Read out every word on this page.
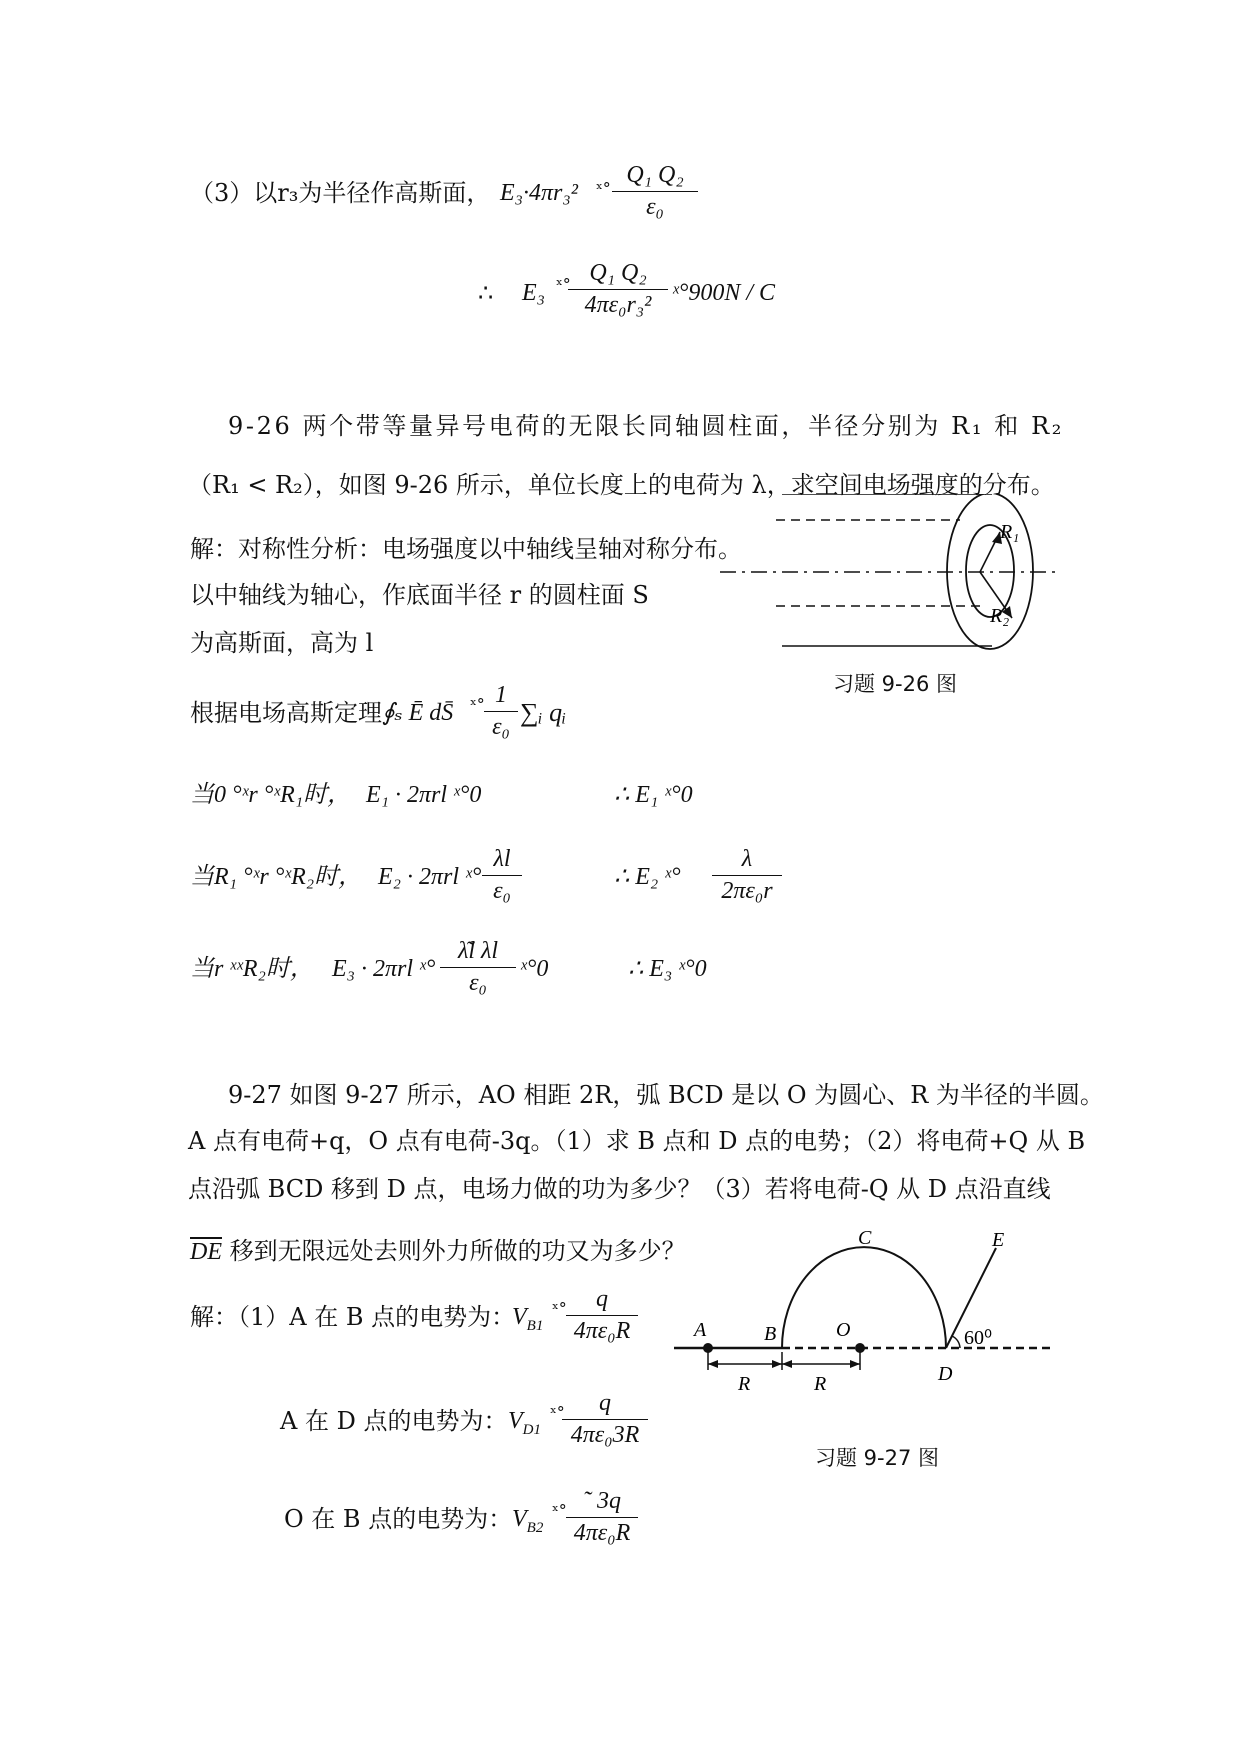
（3）以r₃为半径作高斯面， E₃·4πr₃² ˣ° $\frac{\text{Q₁ Q₂}}{\text{ε₀}}$
∴ E₃ ˣ°
$\frac{\text{Q₁ Q₂}}{\text{4πε₀r₃²}}$ ˣ°900N / C
9-26 两个带等量异号电荷的无限长同轴圆柱面，半径分别为 R₁ 和 R₂
（R₁ < R₂），如图 9-26 所示，单位长度上的电荷为 λ，求空间电场强度的分布。
解：对称性分析：电场强度以中轴线呈轴对称分布。
以中轴线为轴心，作底面半径 r 的圆柱面 S
为高斯面，高为 l
R₁
R₂
习题 9-26 图
根据电场高斯定理 ∮ₛ Ē dS̄ ˣ° $\frac{1}{\text{ε₀}}$ ∑ᵢ qᵢ
当0 °ˣr °ˣR₁时， E₁ · 2πrl ˣ°0	∴ E₁ ˣ°0
当R₁ °ˣr °ˣR₂时， E₂ · 2πrl ˣ° $\frac{\lambda l}{\text{ε₀}}$	∴ E₂ ˣ° $\frac{\lambda}{\text{2πε₀r}}$
当r ˣˣR₂时， E₃ · 2πrl ˣ° $\frac{\text{λ͂l λl}}{\text{ε₀}}$ ˣ°0	∴ E₃ ˣ°0
9-27 如图 9-27 所示，AO 相距 2R，弧 BCD 是以 O 为圆心、R 为半径的半圆。
A 点有电荷+q，O 点有电荷-3q。（1）求 B 点和 D 点的电势；（2）将电荷+Q 从 B
点沿弧 BCD 移到 D 点，电场力做的功为多少？（3）若将电荷-Q 从 D 点沿直线
$\overline{DE}$ 移到无限远处去则外力所做的功又为多少？
A	B	O
C
D
E
R	R
60⁰
习题 9-27 图
解：（1）A 在 B 点的电势为：
$V_{B1}$
ˣ° $\frac{q}{\text{4πε₀R}}$
A 在 D 点的电势为： $V_{D1}$
ˣ°
$\frac{q}{\text{4πε₀3R}}$
O 在 B 点的电势为： $V_{B2}$
ˣ° $\frac{˜ 3q}{\text{4πε₀R}}$
